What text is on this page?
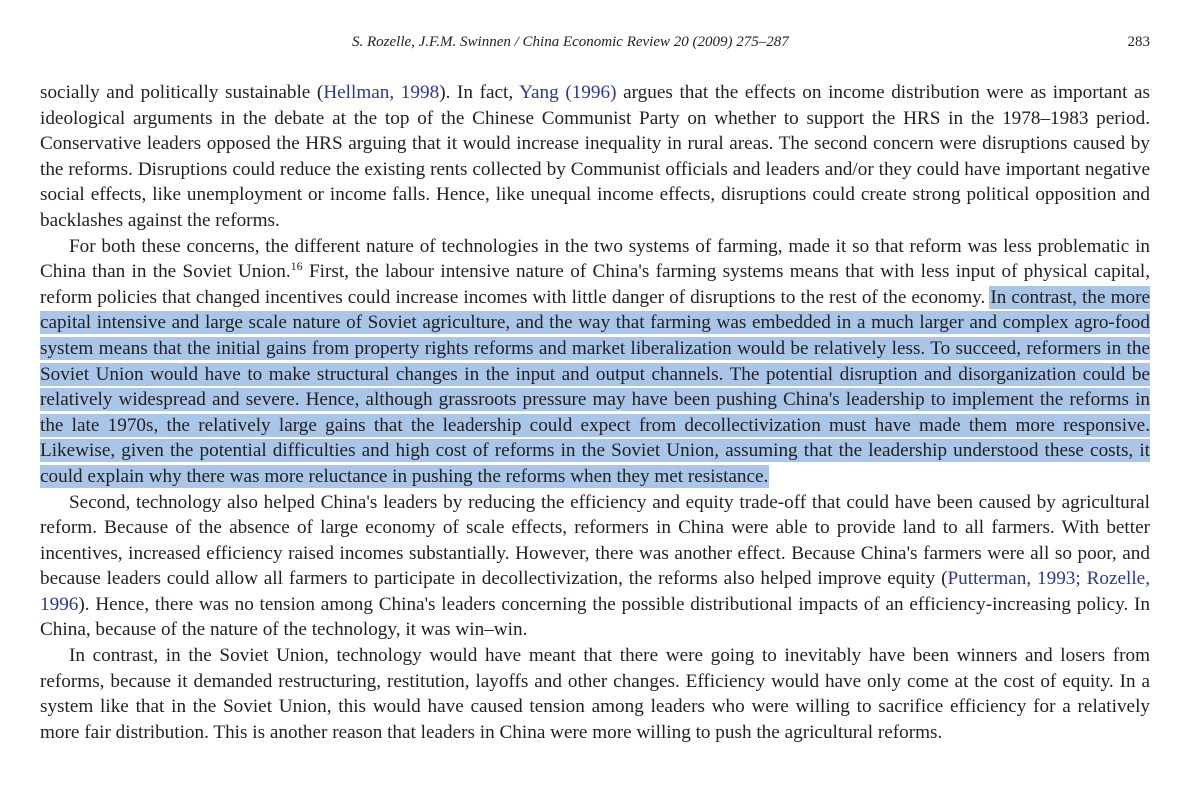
S. Rozelle, J.F.M. Swinnen / China Economic Review 20 (2009) 275–287	283

socially and politically sustainable (Hellman, 1998). In fact, Yang (1996) argues that the effects on income distribution were as important as ideological arguments in the debate at the top of the Chinese Communist Party on whether to support the HRS in the 1978–1983 period. Conservative leaders opposed the HRS arguing that it would increase inequality in rural areas. The second concern were disruptions caused by the reforms. Disruptions could reduce the existing rents collected by Communist officials and leaders and/or they could have important negative social effects, like unemployment or income falls. Hence, like unequal income effects, disruptions could create strong political opposition and backlashes against the reforms.

For both these concerns, the different nature of technologies in the two systems of farming, made it so that reform was less problematic in China than in the Soviet Union.$^{16}$ First, the labour intensive nature of China's farming systems means that with less input of physical capital, reform policies that changed incentives could increase incomes with little danger of disruptions to the rest of the economy. In contrast, the more capital intensive and large scale nature of Soviet agriculture, and the way that farming was embedded in a much larger and complex agro-food system means that the initial gains from property rights reforms and market liberalization would be relatively less. To succeed, reformers in the Soviet Union would have to make structural changes in the input and output channels. The potential disruption and disorganization could be relatively widespread and severe. Hence, although grassroots pressure may have been pushing China's leadership to implement the reforms in the late 1970s, the relatively large gains that the leadership could expect from decollectivization must have made them more responsive. Likewise, given the potential difficulties and high cost of reforms in the Soviet Union, assuming that the leadership understood these costs, it could explain why there was more reluctance in pushing the reforms when they met resistance.

Second, technology also helped China's leaders by reducing the efficiency and equity trade-off that could have been caused by agricultural reform. Because of the absence of large economy of scale effects, reformers in China were able to provide land to all farmers. With better incentives, increased efficiency raised incomes substantially. However, there was another effect. Because China's farmers were all so poor, and because leaders could allow all farmers to participate in decollectivization, the reforms also helped improve equity (Putterman, 1993; Rozelle, 1996). Hence, there was no tension among China's leaders concerning the possible distributional impacts of an efficiency-increasing policy. In China, because of the nature of the technology, it was win–win.

In contrast, in the Soviet Union, technology would have meant that there were going to inevitably have been winners and losers from reforms, because it demanded restructuring, restitution, layoffs and other changes. Efficiency would have only come at the cost of equity. In a system like that in the Soviet Union, this would have caused tension among leaders who were willing to sacrifice efficiency for a relatively more fair distribution. This is another reason that leaders in China were more willing to push the agricultural reforms.
